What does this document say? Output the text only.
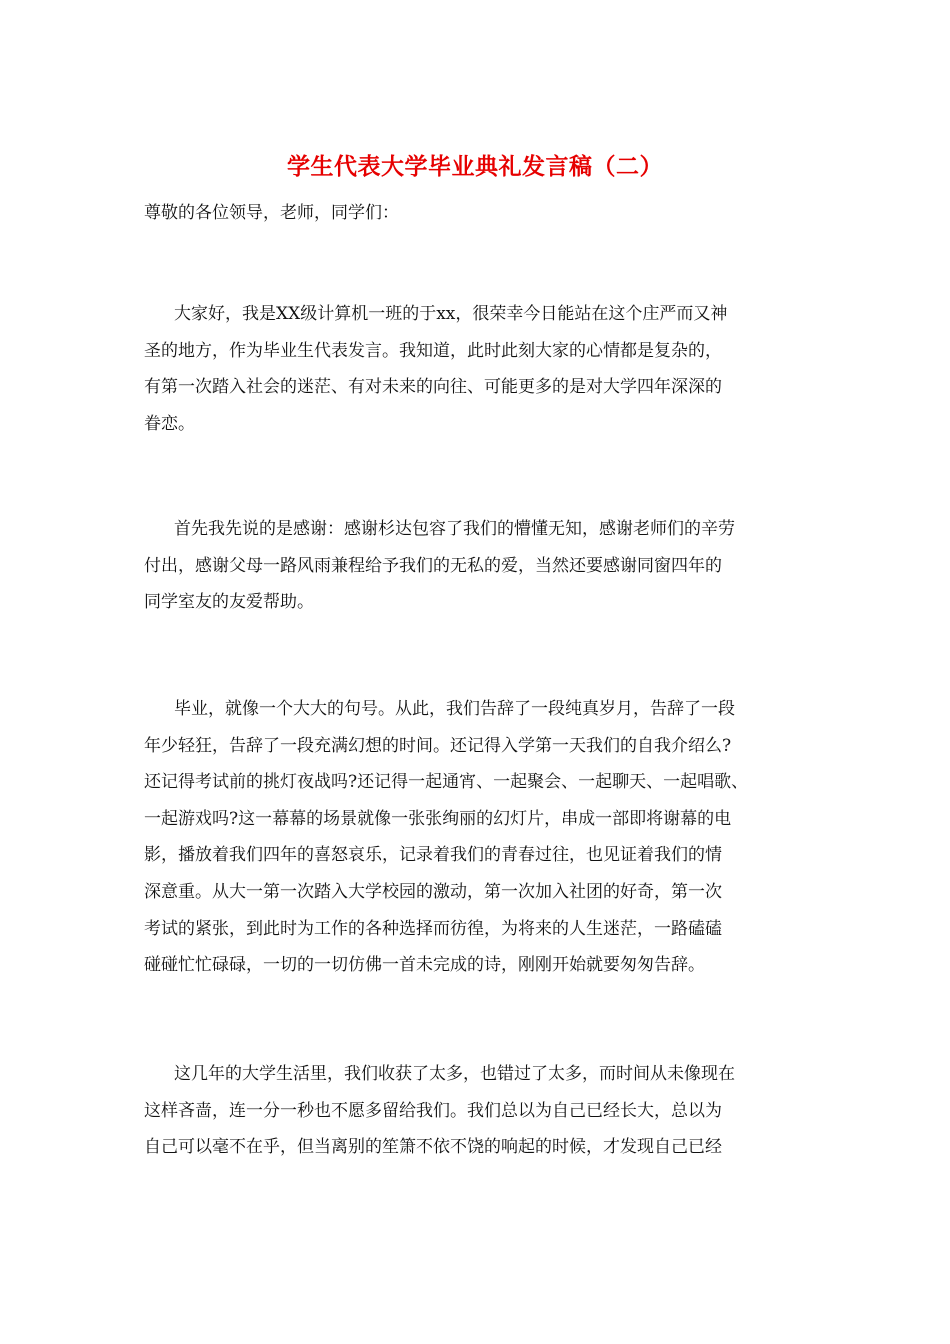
学生代表大学毕业典礼发言稿（二）

尊敬的各位领导，老师，同学们：

大家好，我是XX级计算机一班的于xx，很荣幸今日能站在这个庄严而又神
圣的地方，作为毕业生代表发言。我知道，此时此刻大家的心情都是复杂的，
有第一次踏入社会的迷茫、有对未来的向往、可能更多的是对大学四年深深的
眷恋。
首先我先说的是感谢：感谢杉达包容了我们的懵懂无知，感谢老师们的辛劳
付出，感谢父母一路风雨兼程给予我们的无私的爱，当然还要感谢同窗四年的
同学室友的友爱帮助。
毕业，就像一个大大的句号。从此，我们告辞了一段纯真岁月，告辞了一段
年少轻狂，告辞了一段充满幻想的时间。还记得入学第一天我们的自我介绍么?
还记得考试前的挑灯夜战吗?还记得一起通宵、一起聚会、一起聊天、一起唱歌、
一起游戏吗?这一幕幕的场景就像一张张绚丽的幻灯片，串成一部即将谢幕的电
影，播放着我们四年的喜怒哀乐，记录着我们的青春过往，也见证着我们的情
深意重。从大一第一次踏入大学校园的激动，第一次加入社团的好奇，第一次
考试的紧张，到此时为工作的各种选择而彷徨，为将来的人生迷茫，一路磕磕
碰碰忙忙碌碌，一切的一切仿佛一首未完成的诗，刚刚开始就要匆匆告辞。
这几年的大学生活里，我们收获了太多，也错过了太多，而时间从未像现在
这样吝啬，连一分一秒也不愿多留给我们。我们总以为自己已经长大，总以为
自己可以毫不在乎，但当离别的笙箫不依不饶的响起的时候，才发现自己已经
